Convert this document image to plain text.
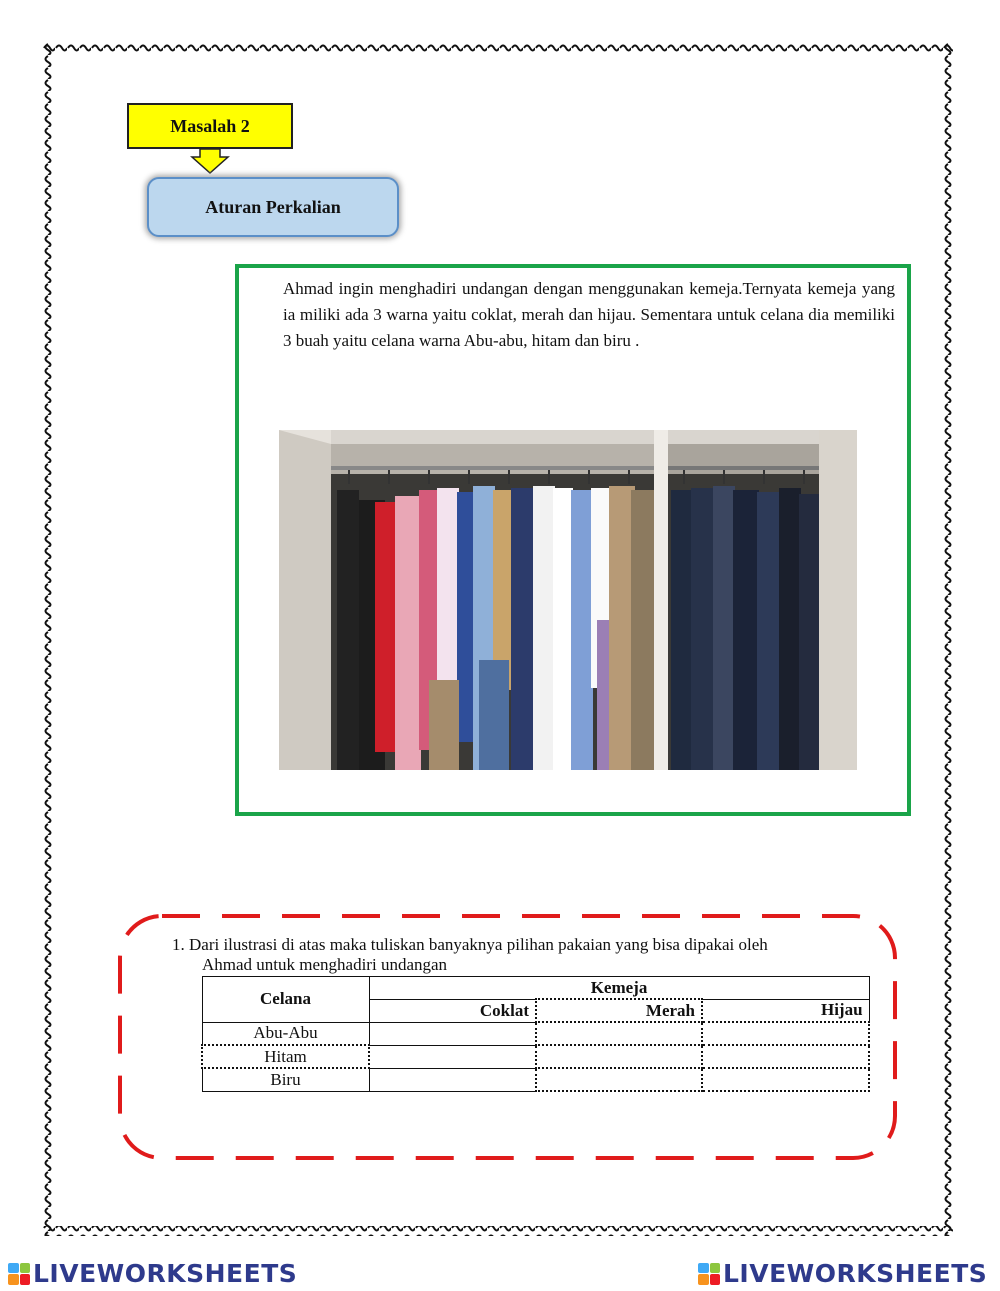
Masalah 2
Aturan Perkalian
Ahmad ingin menghadiri undangan dengan menggunakan kemeja.Ternyata kemeja yang ia miliki ada 3 warna yaitu coklat, merah dan hijau. Sementara untuk celana dia memiliki 3 buah yaitu celana warna Abu-abu, hitam dan biru .
1. Dari ilustrasi di atas maka tuliskan banyaknya pilihan pakaian yang bisa dipakai oleh
Ahmad untuk menghadiri undangan
Celana	Kemeja		
	Coklat	Merah	Hijau
Abu-Abu			
Hitam			
Biru			
LIVEWORKSHEETS	LIVEWORKSHEETS
